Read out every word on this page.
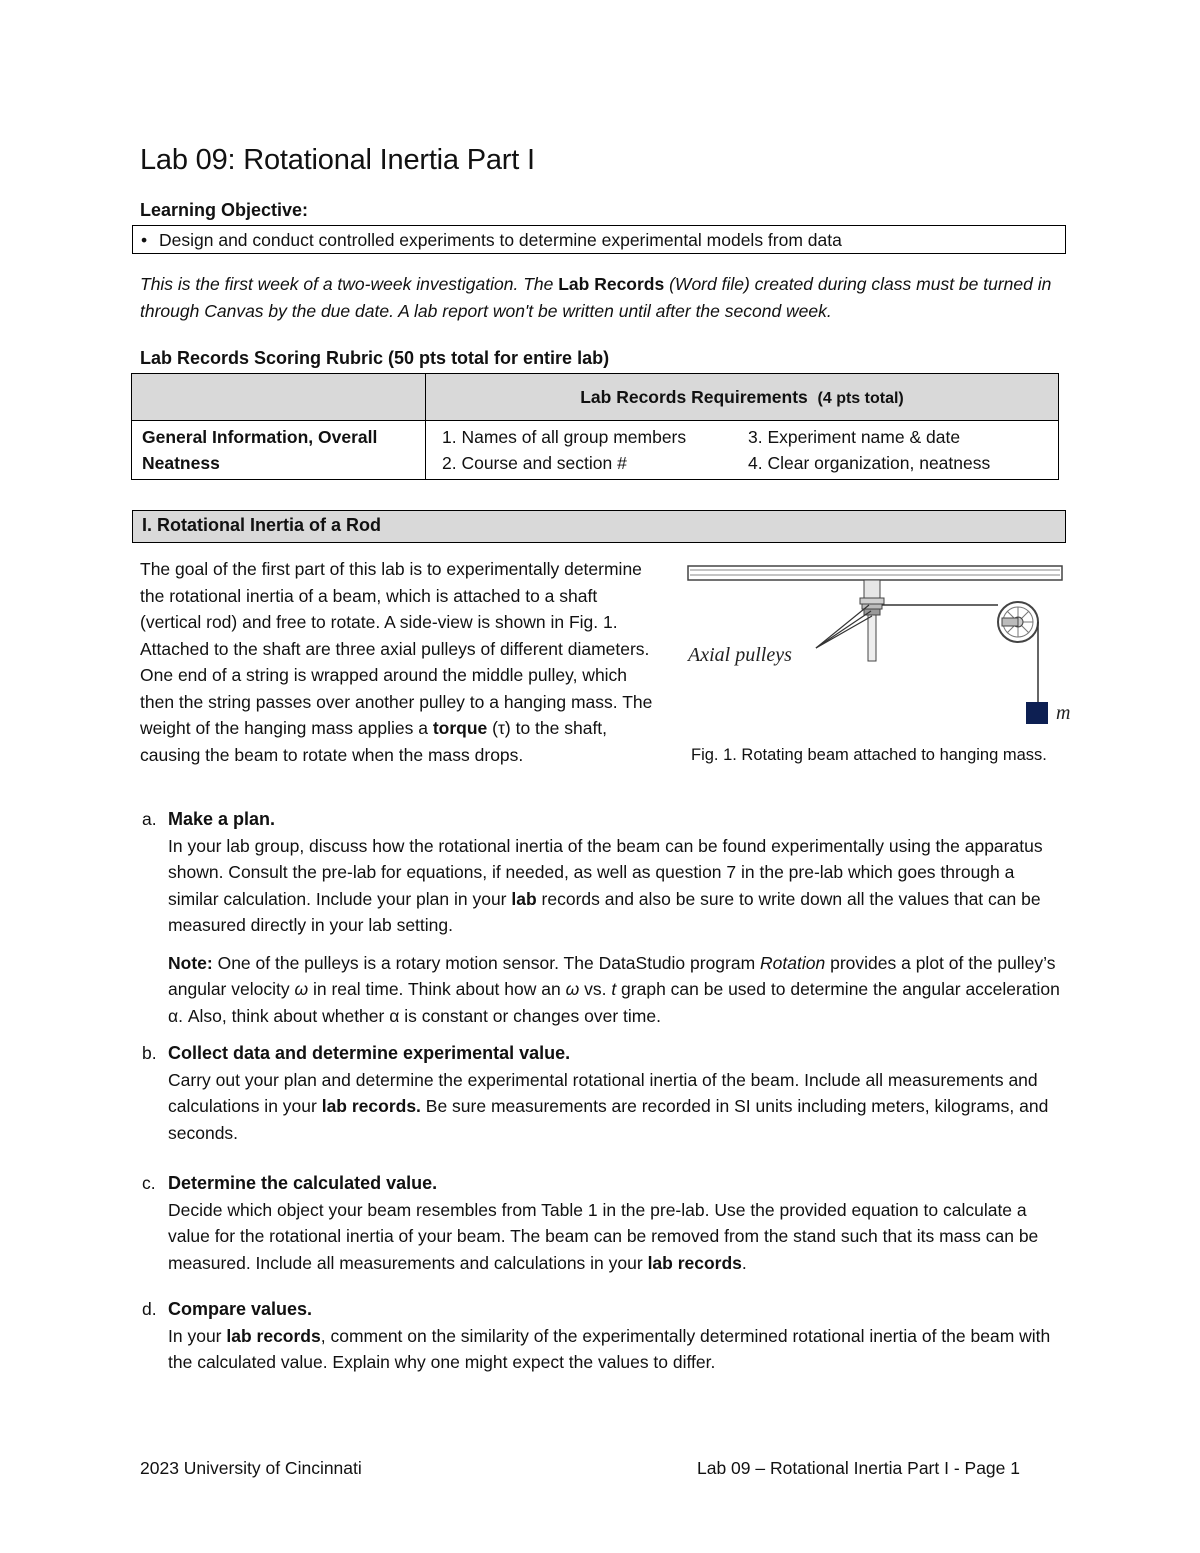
Lab 09: Rotational Inertia Part I
Learning Objective:
• Design and conduct controlled experiments to determine experimental models from data
This is the first week of a two-week investigation. The Lab Records (Word file) created during class must be turned in through Canvas by the due date. A lab report won't be written until after the second week.
Lab Records Scoring Rubric (50 pts total for entire lab)
	Lab Records Requirements (4 pts total)
General Information, Overall Neatness	1. Names of all group members 3. Experiment name & date
2. Course and section # 4. Clear organization, neatness
I. Rotational Inertia of a Rod
The goal of the first part of this lab is to experimentally determine the rotational inertia of a beam, which is attached to a shaft (vertical rod) and free to rotate. A side-view is shown in Fig. 1. Attached to the shaft are three axial pulleys of different diameters. One end of a string is wrapped around the middle pulley, which then the string passes over another pulley to a hanging mass. The weight of the hanging mass applies a torque (τ) to the shaft, causing the beam to rotate when the mass drops.
Axial pulleys
m
Fig. 1. Rotating beam attached to hanging mass.
a. Make a plan.
In your lab group, discuss how the rotational inertia of the beam can be found experimentally using the apparatus shown. Consult the pre-lab for equations, if needed, as well as question 7 in the pre-lab which goes through a similar calculation. Include your plan in your lab records and also be sure to write down all the values that can be measured directly in your lab setting.
Note: One of the pulleys is a rotary motion sensor. The DataStudio program Rotation provides a plot of the pulley’s angular velocity ω in real time. Think about how an ω vs. t graph can be used to determine the angular acceleration α. Also, think about whether α is constant or changes over time.
b. Collect data and determine experimental value.
Carry out your plan and determine the experimental rotational inertia of the beam. Include all measurements and calculations in your lab records. Be sure measurements are recorded in SI units including meters, kilograms, and seconds.
c. Determine the calculated value.
Decide which object your beam resembles from Table 1 in the pre-lab. Use the provided equation to calculate a value for the rotational inertia of your beam. The beam can be removed from the stand such that its mass can be measured. Include all measurements and calculations in your lab records.
d. Compare values.
In your lab records, comment on the similarity of the experimentally determined rotational inertia of the beam with the calculated value. Explain why one might expect the values to differ.
2023 University of Cincinnati	Lab 09 – Rotational Inertia Part I - Page 1
